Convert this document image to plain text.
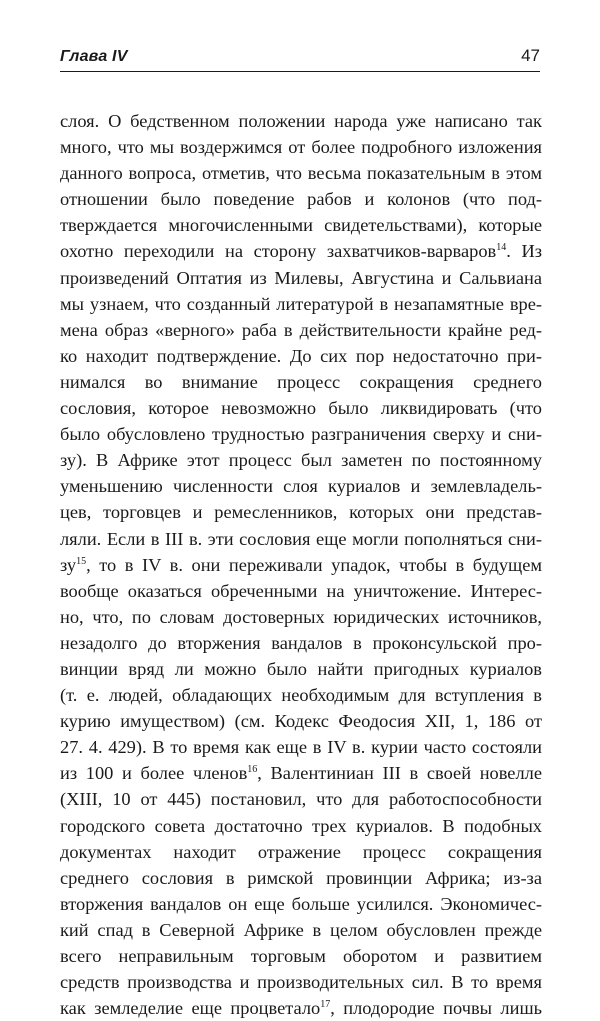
Глава IV	47
слоя. О бедственном положении народа уже написано так
много, что мы воздержимся от более подробного изложения
данного вопроса, отметив, что весьма показательным в этом
отношении было поведение рабов и колонов (что под-
тверждается многочисленными свидетельствами), которые
охотно переходили на сторону захватчиков-варваров$^{14}$. Из
произведений Оптатия из Милевы, Августина и Сальвиана
мы узнаем, что созданный литературой в незапамятные вре-
мена образ «верного» раба в действительности крайне ред-
ко находит подтверждение. До сих пор недостаточно при-
нимался во внимание процесс сокращения среднего
сословия, которое невозможно было ликвидировать (что
было обусловлено трудностью разграничения сверху и сни-
зу). В Африке этот процесс был заметен по постоянному
уменьшению численности слоя куриалов и землевладель-
цев, торговцев и ремесленников, которых они представ-
ляли. Если в III в. эти сословия еще могли пополняться сни-
зу$^{15}$, то в IV в. они переживали упадок, чтобы в будущем
вообще оказаться обреченными на уничтожение. Интерес-
но, что, по словам достоверных юридических источников,
незадолго до вторжения вандалов в проконсульской про-
винции вряд ли можно было найти пригодных куриалов
(т. е. людей, обладающих необходимым для вступления в
курию имуществом) (см. Кодекс Феодосия XII, 1, 186 от
27. 4. 429). В то время как еще в IV в. курии часто состояли
из 100 и более членов$^{16}$, Валентиниан III в своей новелле
(XIII, 10 от 445) постановил, что для работоспособности
городского совета достаточно трех куриалов. В подобных
документах находит отражение процесс сокращения
среднего сословия в римской провинции Африка; из-за
вторжения вандалов он еще больше усилился. Экономичес-
кий спад в Северной Африке в целом обусловлен прежде
всего неправильным торговым оборотом и развитием
средств производства и производительных сил. В то время
как земледелие еще процветало$^{17}$, плодородие почвы лишь
